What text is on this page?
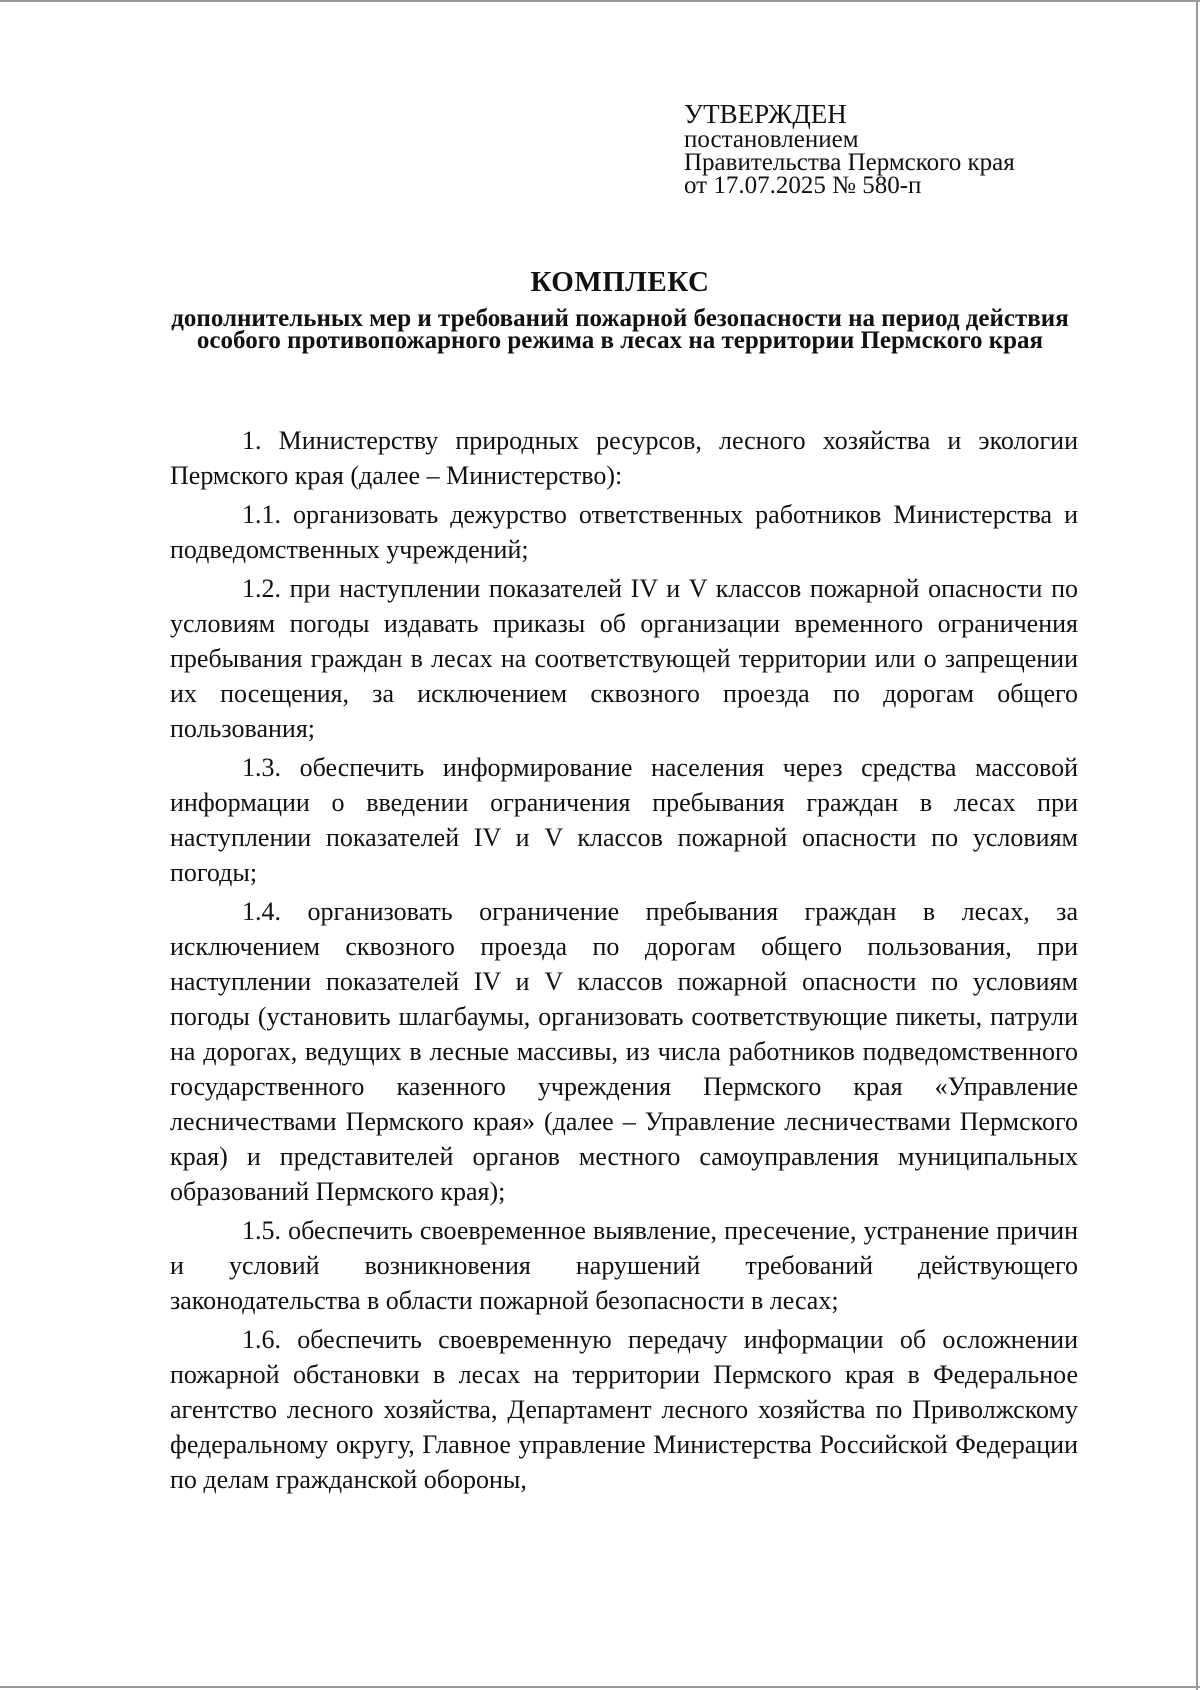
УТВЕРЖДЕН
постановлением
Правительства Пермского края
от 17.07.2025 № 580-п
КОМПЛЕКС
дополнительных мер и требований пожарной безопасности на период действия особого противопожарного режима в лесах на территории Пермского края

1. Министерству природных ресурсов, лесного хозяйства и экологии Пермского края (далее – Министерство):

1.1. организовать дежурство ответственных работников Министерства и подведомственных учреждений;

1.2. при наступлении показателей IV и V классов пожарной опасности по условиям погоды издавать приказы об организации временного ограничения пребывания граждан в лесах на соответствующей территории или о запрещении их посещения, за исключением сквозного проезда по дорогам общего пользования;

1.3. обеспечить информирование населения через средства массовой информации о введении ограничения пребывания граждан в лесах при наступлении показателей IV и V классов пожарной опасности по условиям погоды;

1.4. организовать ограничение пребывания граждан в лесах, за исключением сквозного проезда по дорогам общего пользования, при наступлении показателей IV и V классов пожарной опасности по условиям погоды (установить шлагбаумы, организовать соответствующие пикеты, патрули на дорогах, ведущих в лесные массивы, из числа работников подведомственного государственного казенного учреждения Пермского края «Управление лесничествами Пермского края» (далее – Управление лесничествами Пермского края) и представителей органов местного самоуправления муниципальных образований Пермского края);

1.5. обеспечить своевременное выявление, пресечение, устранение причин и условий возникновения нарушений требований действующего законодательства в области пожарной безопасности в лесах;

1.6. обеспечить своевременную передачу информации об осложнении пожарной обстановки в лесах на территории Пермского края в Федеральное агентство лесного хозяйства, Департамент лесного хозяйства по Приволжскому федеральному округу, Главное управление Министерства Российской Федерации по делам гражданской обороны,
